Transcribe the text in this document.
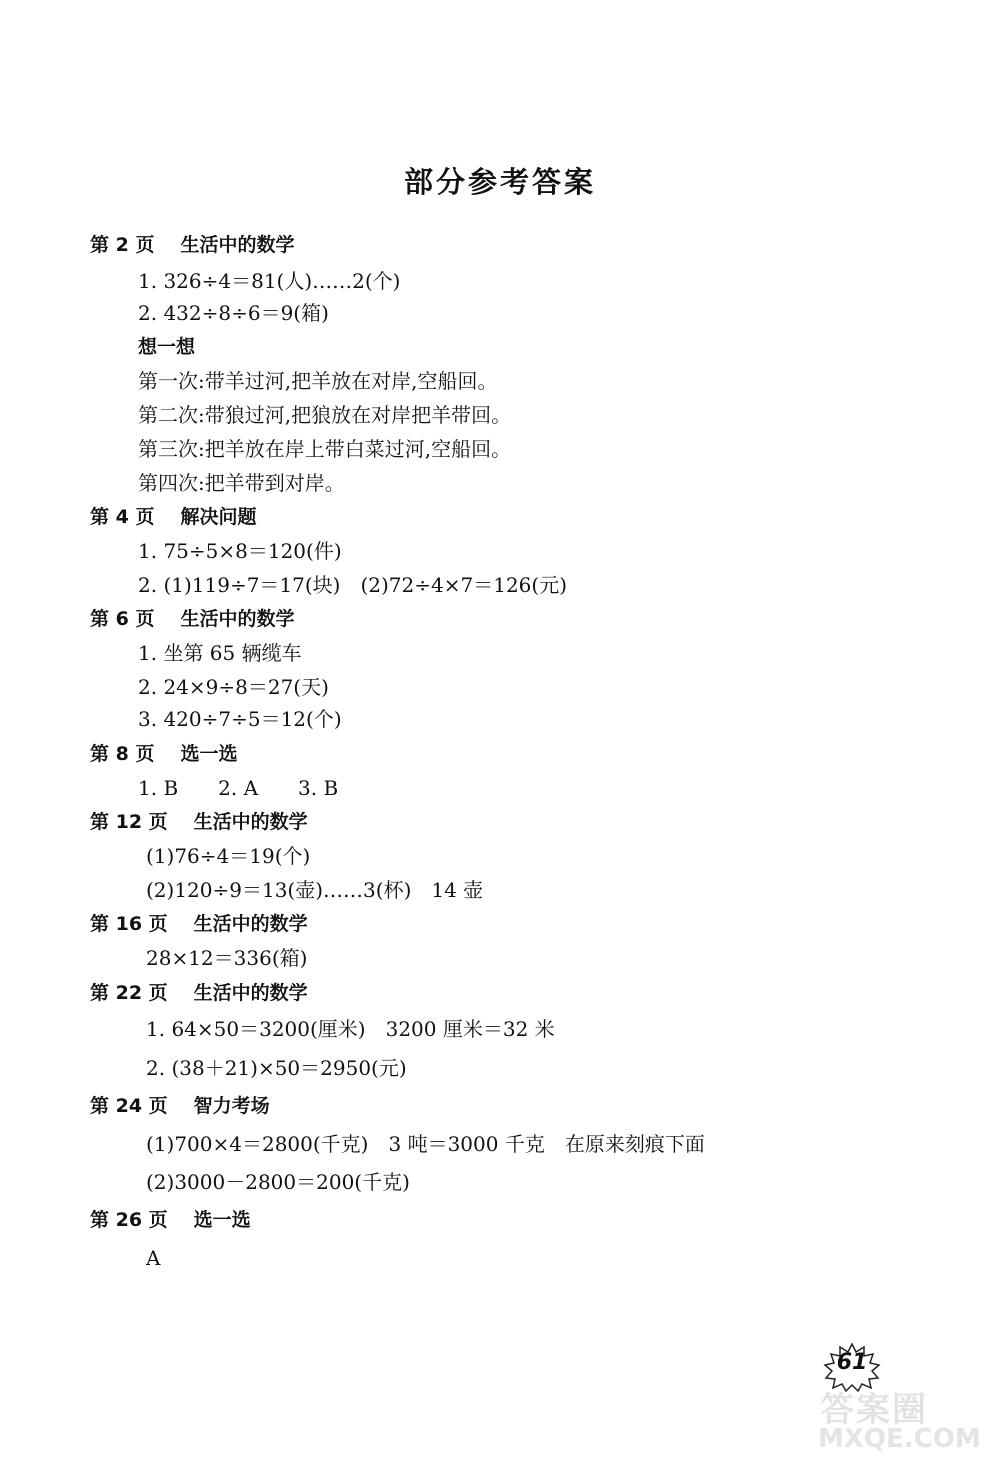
部分参考答案
第 2 页 生活中的数学
1. 326÷4＝81(人)……2(个)
2. 432÷8÷6＝9(箱)
想一想
第一次:带羊过河,把羊放在对岸,空船回。
第二次:带狼过河,把狼放在对岸把羊带回。
第三次:把羊放在岸上带白菜过河,空船回。
第四次:把羊带到对岸。
第 4 页 解决问题
1. 75÷5×8＝120(件)
2. (1)119÷7＝17(块)　(2)72÷4×7＝126(元)
第 6 页 生活中的数学
1. 坐第 65 辆缆车
2. 24×9÷8＝27(天)
3. 420÷7÷5＝12(个)
第 8 页 选一选
1. B　　2. A　　3. B
第 12 页 生活中的数学
(1)76÷4＝19(个)
(2)120÷9＝13(壶)……3(杯)　14 壶
第 16 页 生活中的数学
28×12＝336(箱)
第 22 页 生活中的数学
1. 64×50＝3200(厘米)　3200 厘米＝32 米
2. (38＋21)×50＝2950(元)
第 24 页 智力考场
(1)700×4＝2800(千克)　3 吨＝3000 千克　在原来刻痕下面
(2)3000－2800＝200(千克)
第 26 页 选一选
A
61
答案圈
MXQE.COM
